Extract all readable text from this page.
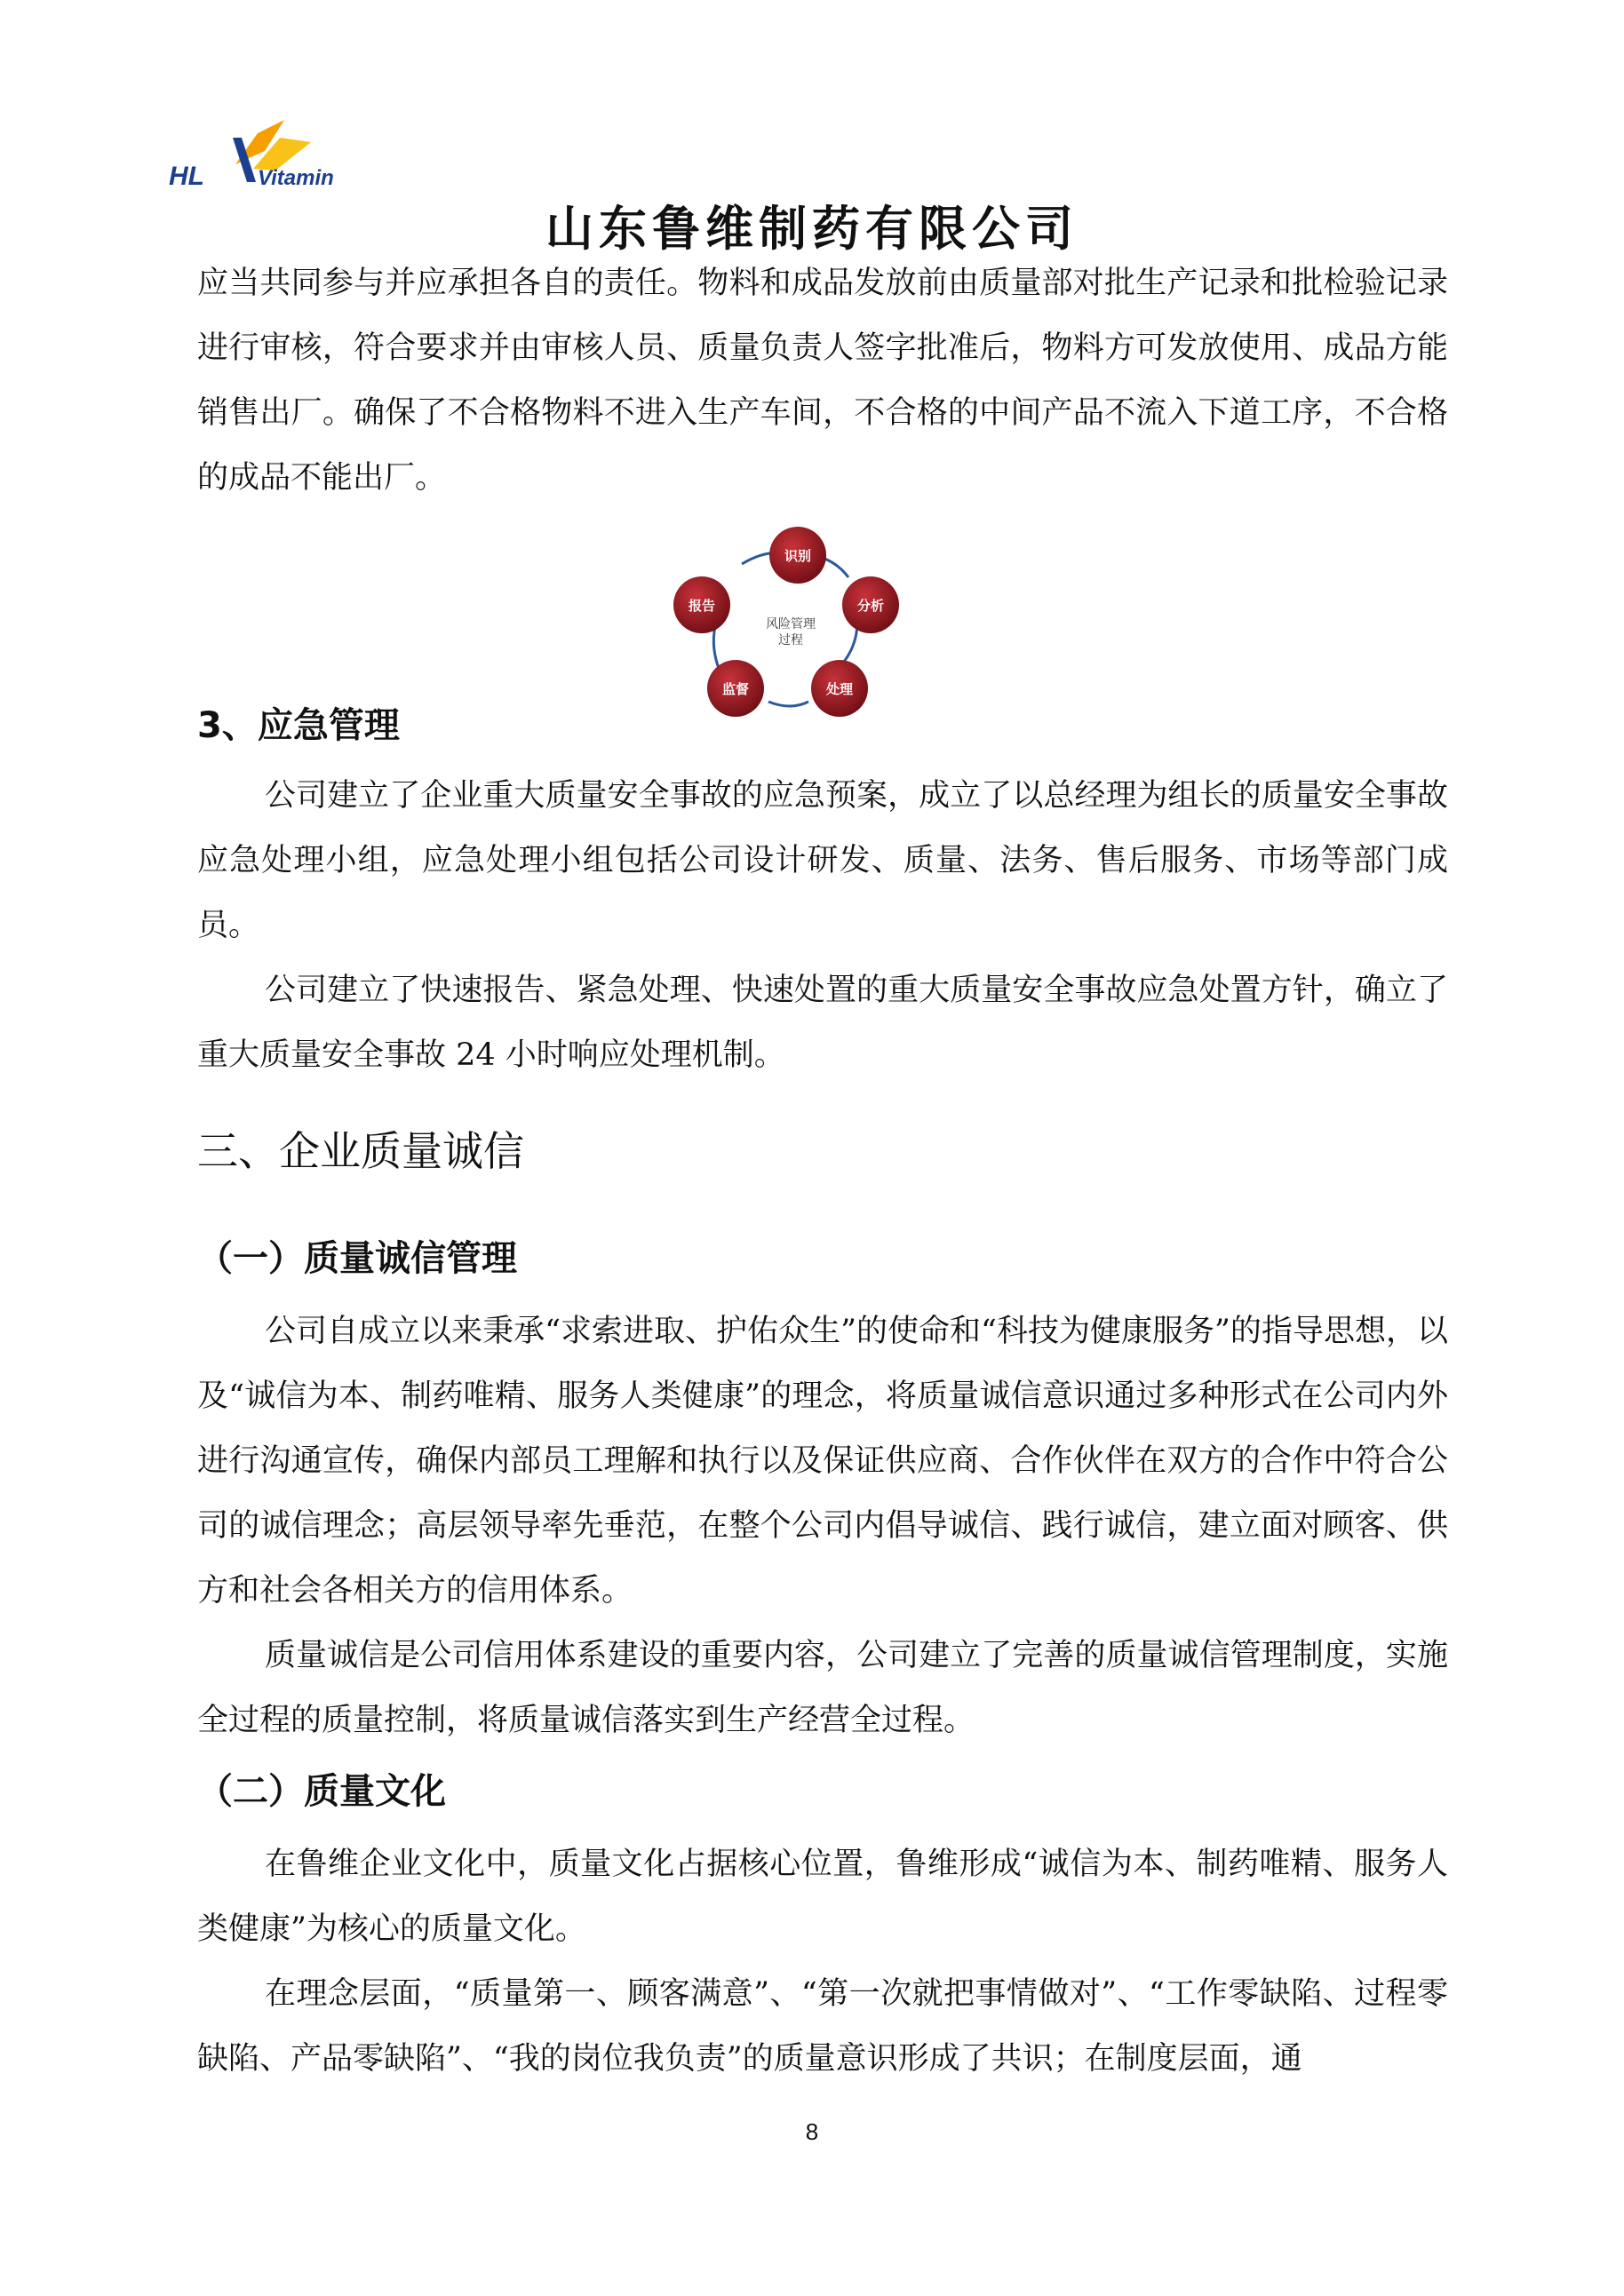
HL	Vitamin
山东鲁维制药有限公司

应当共同参与并应承担各自的责任。物料和成品发放前由质量部对批生产记录和批检验记录进行审核，符合要求并由审核人员、质量负责人签字批准后，物料方可发放使用、成品方能销售出厂。确保了不合格物料不进入生产车间，不合格的中间产品不流入下道工序，不合格的成品不能出厂。

风险管理
过程
识别
分析
处理
监督
报告
3、应急管理

公司建立了企业重大质量安全事故的应急预案，成立了以总经理为组长的质量安全事故应急处理小组，应急处理小组包括公司设计研发、质量、法务、售后服务、市场等部门成员。

公司建立了快速报告、紧急处理、快速处置的重大质量安全事故应急处置方针，确立了重大质量安全事故 24 小时响应处理机制。

三、企业质量诚信
（一）质量诚信管理

公司自成立以来秉承“求索进取、护佑众生”的使命和“科技为健康服务”的指导思想，以及“诚信为本、制药唯精、服务人类健康”的理念，将质量诚信意识通过多种形式在公司内外进行沟通宣传，确保内部员工理解和执行以及保证供应商、合作伙伴在双方的合作中符合公司的诚信理念；高层领导率先垂范，在整个公司内倡导诚信、践行诚信，建立面对顾客、供方和社会各相关方的信用体系。

质量诚信是公司信用体系建设的重要内容，公司建立了完善的质量诚信管理制度，实施全过程的质量控制，将质量诚信落实到生产经营全过程。

（二）质量文化

在鲁维企业文化中，质量文化占据核心位置，鲁维形成“诚信为本、制药唯精、服务人类健康”为核心的质量文化。

在理念层面，“质量第一、顾客满意”、“第一次就把事情做对”、“工作零缺陷、过程零缺陷、产品零缺陷”、“我的岗位我负责”的质量意识形成了共识；在制度层面，通

8
